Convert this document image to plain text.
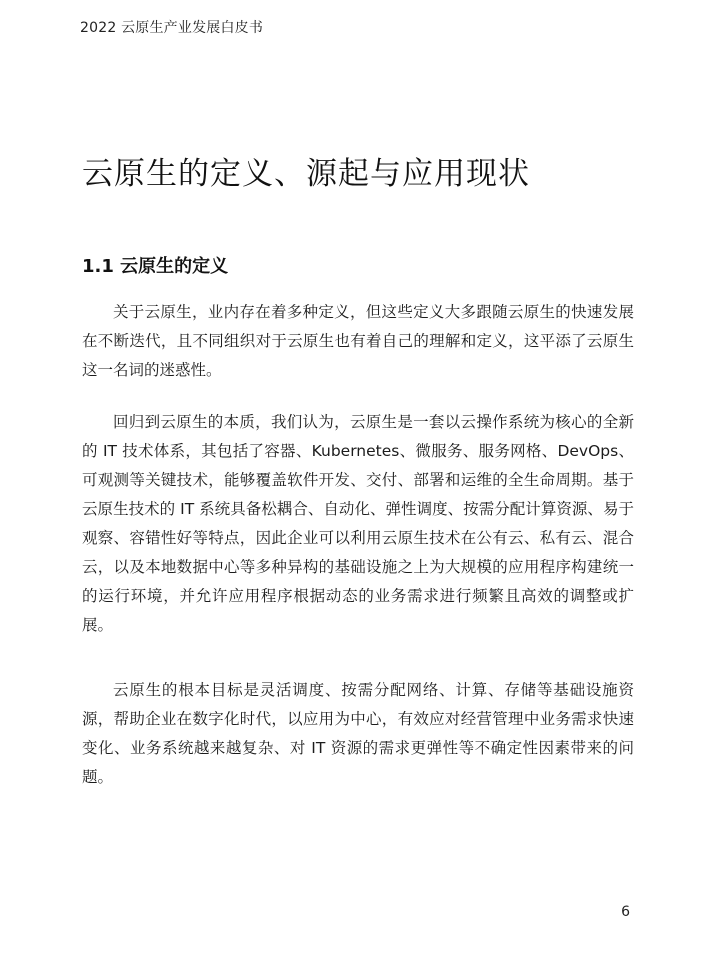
2022 云原生产业发展白皮书
云原生的定义、源起与应用现状
1.1 云原生的定义

关于云原生，业内存在着多种定义，但这些定义大多跟随云原生的快速发展在不断迭代，且不同组织对于云原生也有着自己的理解和定义，这平添了云原生这一名词的迷惑性。

回归到云原生的本质，我们认为，云原生是一套以云操作系统为核心的全新的 IT 技术体系，其包括了容器、Kubernetes、微服务、服务网格、DevOps、可观测等关键技术，能够覆盖软件开发、交付、部署和运维的全生命周期。基于云原生技术的 IT 系统具备松耦合、自动化、弹性调度、按需分配计算资源、易于观察、容错性好等特点，因此企业可以利用云原生技术在公有云、私有云、混合云，以及本地数据中心等多种异构的基础设施之上为大规模的应用程序构建统一的运行环境，并允许应用程序根据动态的业务需求进行频繁且高效的调整或扩展。

云原生的根本目标是灵活调度、按需分配网络、计算、存储等基础设施资源，帮助企业在数字化时代，以应用为中心，有效应对经营管理中业务需求快速变化、业务系统越来越复杂、对 IT 资源的需求更弹性等不确定性因素带来的问题。

6
